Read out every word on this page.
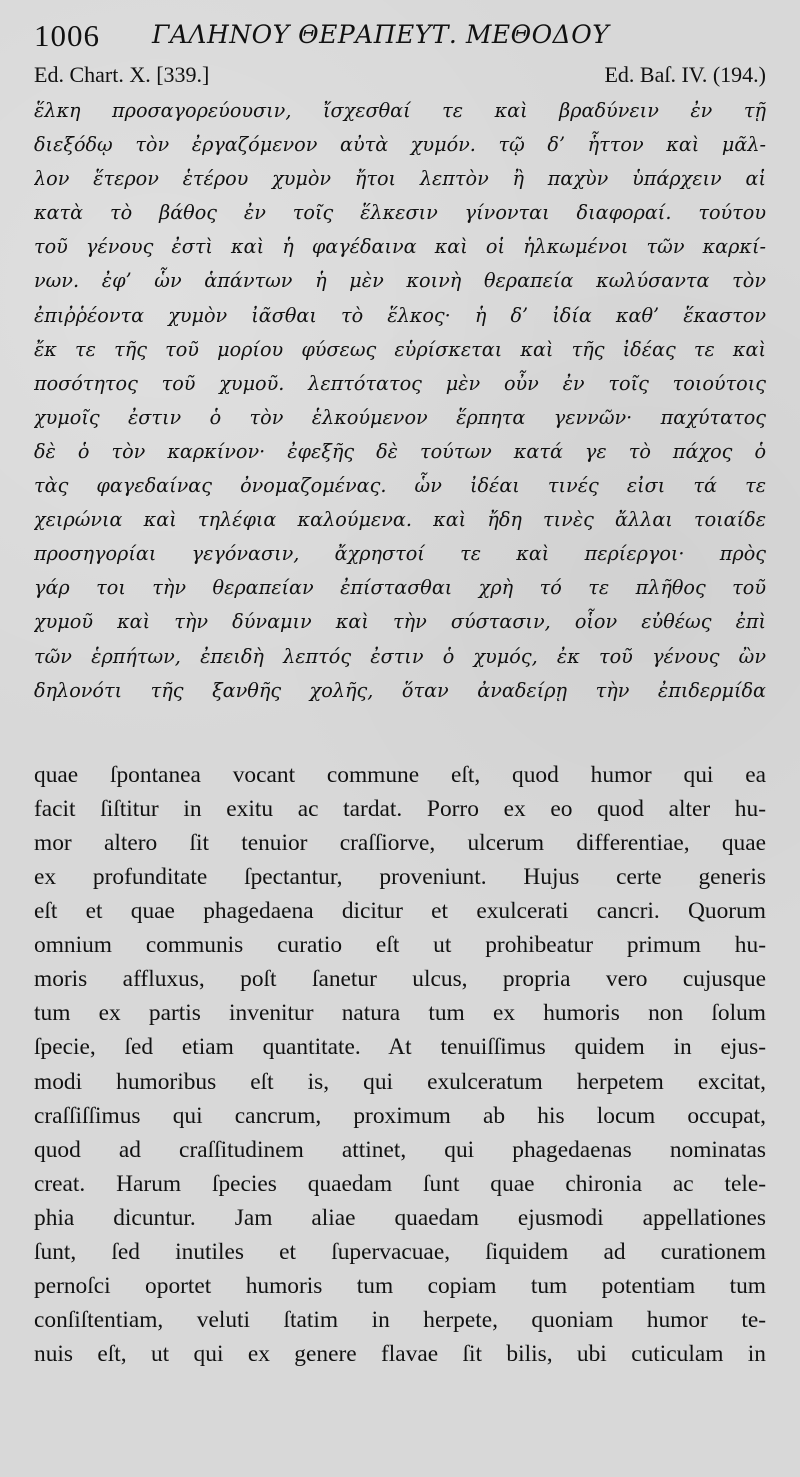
1006 ΓΑΛΗΝΟΥ ΘΕΡΑΠΕΥΤ. ΜΕΘΟΔΟΥ
Ed. Chart. X. [339.]	Ed. Baſ. IV. (194.)
ἕλκη προσαγορεύουσιν, ἴσχεσθαί τε καὶ βραδύνειν ἐν τῇ
διεξόδῳ τὸν ἐργαζόμενον αὐτὰ χυμόν. τῷ δ’ ἧττον καὶ μᾶλ-
λον ἕτερον ἑτέρου χυμὸν ἤτοι λεπτὸν ἢ παχὺν ὑπάρχειν αἱ
κατὰ τὸ βάθος ἐν τοῖς ἕλκεσιν γίνονται διαφοραί. τούτου
τοῦ γένους ἐστὶ καὶ ἡ φαγέδαινα καὶ οἱ ἡλκωμένοι τῶν καρκί-
νων. ἐφ’ ὧν ἁπάντων ἡ μὲν κοινὴ θεραπεία κωλύσαντα τὸν
ἐπιῤῥέοντα χυμὸν ἰᾶσθαι τὸ ἕλκος· ἡ δ’ ἰδία καθ’ ἕκαστον
ἔκ τε τῆς τοῦ μορίου φύσεως εὑρίσκεται καὶ τῆς ἰδέας τε καὶ
ποσότητος τοῦ χυμοῦ. λεπτότατος μὲν οὖν ἐν τοῖς τοιούτοις
χυμοῖς ἐστιν ὁ τὸν ἑλκούμενον ἕρπητα γεννῶν· παχύτατος
δὲ ὁ τὸν καρκίνον· ἐφεξῆς δὲ τούτων κατά γε τὸ πάχος ὁ
τὰς φαγεδαίνας ὀνομαζομένας. ὧν ἰδέαι τινές εἰσι τά τε
χειρώνια καὶ τηλέφια καλούμενα. καὶ ἤδη τινὲς ἄλλαι τοιαίδε
προσηγορίαι γεγόνασιν, ἄχρηστοί τε καὶ περίεργοι· πρὸς
γάρ τοι τὴν θεραπείαν ἐπίστασθαι χρὴ τό τε πλῆθος τοῦ
χυμοῦ καὶ τὴν δύναμιν καὶ τὴν σύστασιν, οἷον εὐθέως ἐπὶ
τῶν ἑρπήτων, ἐπειδὴ λεπτός ἐστιν ὁ χυμός, ἐκ τοῦ γένους ὢν
δηλονότι τῆς ξανθῆς χολῆς, ὅταν ἀναδείρῃ τὴν ἐπιδερμίδα
quae ſpontanea vocant commune eſt, quod humor qui ea
facit ſiſtitur in exitu ac tardat. Porro ex eo quod alter hu-
mor altero ſit tenuior craſſiorve, ulcerum differentiae, quae
ex profunditate ſpectantur, proveniunt. Hujus certe generis
eſt et quae phagedaena dicitur et exulcerati cancri. Quorum
omnium communis curatio eſt ut prohibeatur primum hu-
moris affluxus, poſt ſanetur ulcus, propria vero cujusque
tum ex partis invenitur natura tum ex humoris non ſolum
ſpecie, ſed etiam quantitate. At tenuiſſimus quidem in ejus-
modi humoribus eſt is, qui exulceratum herpetem excitat,
craſſiſſimus qui cancrum, proximum ab his locum occupat,
quod ad craſſitudinem attinet, qui phagedaenas nominatas
creat. Harum ſpecies quaedam ſunt quae chironia ac tele-
phia dicuntur. Jam aliae quaedam ejusmodi appellationes
ſunt, ſed inutiles et ſupervacuae, ſiquidem ad curationem
pernoſci oportet humoris tum copiam tum potentiam tum
conſiſtentiam, veluti ſtatim in herpete, quoniam humor te-
nuis eſt, ut qui ex genere flavae ſit bilis, ubi cuticulam in
